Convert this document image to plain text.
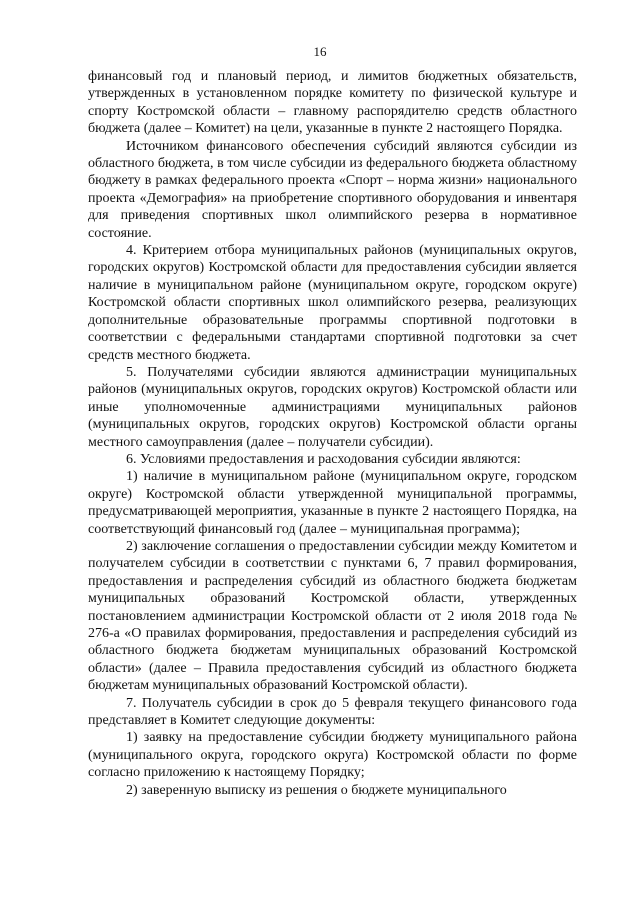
16

финансовый год и плановый период, и лимитов бюджетных обязательств, утвержденных в установленном порядке комитету по физической культуре и спорту Костромской области – главному распорядителю средств областного бюджета (далее – Комитет) на цели, указанные в пункте 2 настоящего Порядка.

Источником финансового обеспечения субсидий являются субсидии из областного бюджета, в том числе субсидии из федерального бюджета областному бюджету в рамках федерального проекта «Спорт – норма жизни» национального проекта «Демография» на приобретение спортивного оборудования и инвентаря для приведения спортивных школ олимпийского резерва в нормативное состояние.

4. Критерием отбора муниципальных районов (муниципальных округов, городских округов) Костромской области для предоставления субсидии является наличие в муниципальном районе (муниципальном округе, городском округе) Костромской области спортивных школ олимпийского резерва, реализующих дополнительные образовательные программы спортивной подготовки в соответствии с федеральными стандартами спортивной подготовки за счет средств местного бюджета.

5. Получателями субсидии являются администрации муниципальных районов (муниципальных округов, городских округов) Костромской области или иные уполномоченные администрациями муниципальных районов (муниципальных округов, городских округов) Костромской области органы местного самоуправления (далее – получатели субсидии).

6. Условиями предоставления и расходования субсидии являются:

1) наличие в муниципальном районе (муниципальном округе, городском округе) Костромской области утвержденной муниципальной программы, предусматривающей мероприятия, указанные в пункте 2 настоящего Порядка, на соответствующий финансовый год (далее – муниципальная программа);

2) заключение соглашения о предоставлении субсидии между Комитетом и получателем субсидии в соответствии с пунктами 6, 7 правил формирования, предоставления и распределения субсидий из областного бюджета бюджетам муниципальных образований Костромской области, утвержденных постановлением администрации Костромской области от 2 июля 2018 года № 276-а «О правилах формирования, предоставления и распределения субсидий из областного бюджета бюджетам муниципальных образований Костромской области» (далее – Правила предоставления субсидий из областного бюджета бюджетам муниципальных образований Костромской области).

7. Получатель субсидии в срок до 5 февраля текущего финансового года представляет в Комитет следующие документы:

1) заявку на предоставление субсидии бюджету муниципального района (муниципального округа, городского округа) Костромской области по форме согласно приложению к настоящему Порядку;

2) заверенную выписку из решения о бюджете муниципального
